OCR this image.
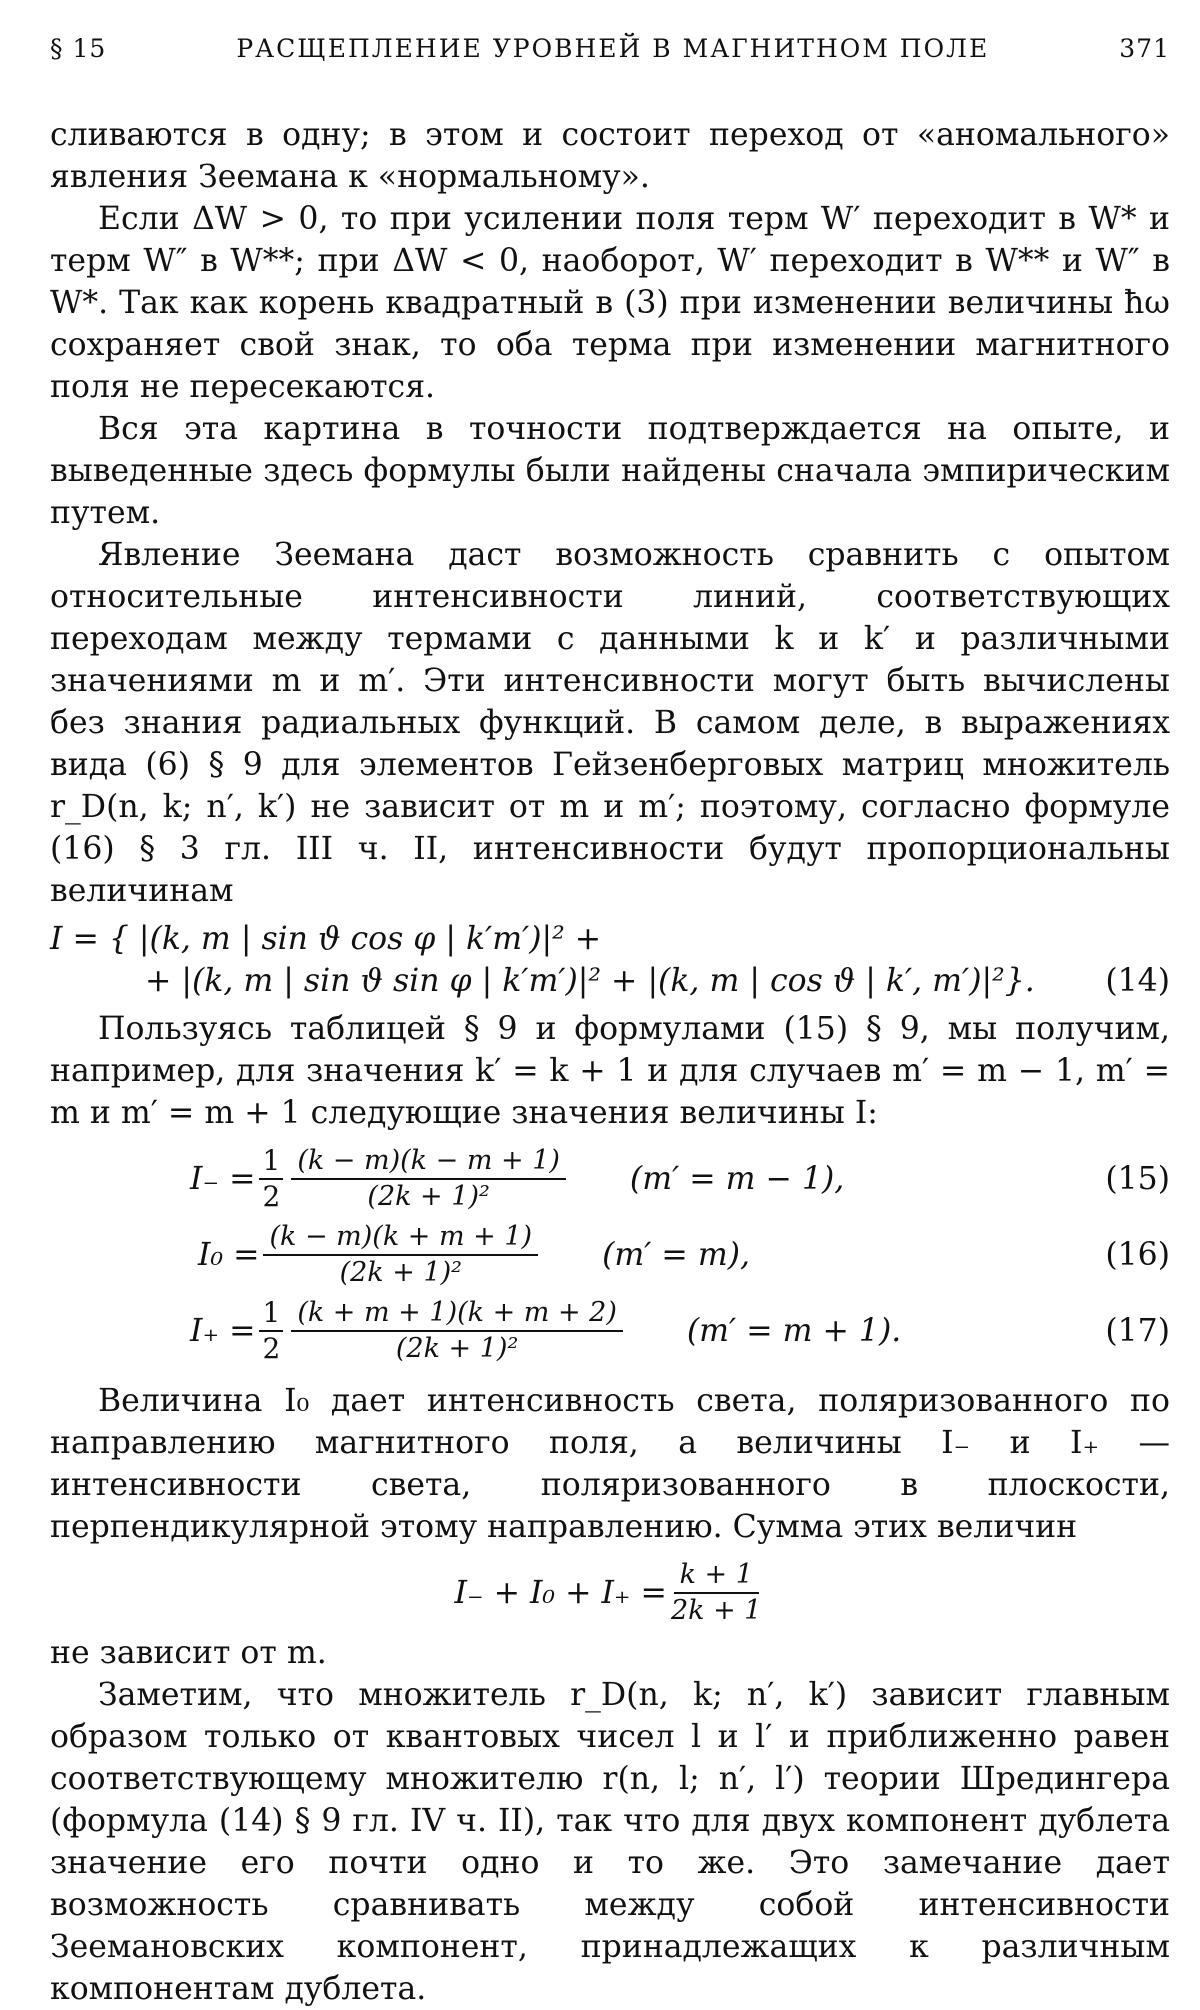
§ 15	РАСЩЕПЛЕНИЕ УРОВНЕЙ В МАГНИТНОМ ПОЛЕ	371

сливаются в одну; в этом и состоит переход от «аномального» явления Зеемана к «нормальному».

Если ΔW > 0, то при усилении поля терм W′ переходит в W* и терм W″ в W**; при ΔW < 0, наоборот, W′ переходит в W** и W″ в W*. Так как корень квадратный в (3) при изменении величины ħω сохраняет свой знак, то оба терма при изменении магнитного поля не пересекаются.

Вся эта картина в точности подтверждается на опыте, и выведенные здесь формулы были найдены сначала эмпирическим путем.

Явление Зеемана даст возможность сравнить с опытом относительные интенсивности линий, соответствующих переходам между термами с данными k и k′ и различными значениями m и m′. Эти интенсивности могут быть вычислены без знания радиальных функций. В самом деле, в выражениях вида (6) § 9 для элементов Гейзенберговых матриц множитель r_D(n, k; n′, k′) не зависит от m и m′; поэтому, согласно формуле (16) § 3 гл. III ч. II, интенсивности будут пропорциональны величинам

I = { |(k, m | sin ϑ cos φ | k′m′)|² +
+ |(k, m | sin ϑ sin φ | k′m′)|² + |(k, m | cos ϑ | k′, m′)|²}. (14)

Пользуясь таблицей § 9 и формулами (15) § 9, мы получим, например, для значения k′ = k + 1 и для случаев m′ = m − 1, m′ = m и m′ = m + 1 следующие значения величины I:

$I_- = \frac{1}{2} \frac{(k - m)(k - m + 1)}{\text{(2k + 1)²}} (m' = m - 1)$,	(15)
$I_0 = \frac{(k - m)(k + m + 1)}{\text{(2k + 1)²}} (m' = m)$,	(16)
$I_+ = \frac{1}{2} \frac{(k + m + 1)(k + m + 2)}{\text{(2k + 1)²}} (m' = m + 1)$.	(17)

Величина I₀ дает интенсивность света, поляризованного по направлению магнитного поля, а величины I₋ и I₊ — интенсивности света, поляризованного в плоскости, перпендикулярной этому направлению. Сумма этих величин

$I_- + I_0 + I_+ = \frac{k + 1}{2k + 1}$

не зависит от m.

Заметим, что множитель r_D(n, k; n′, k′) зависит главным образом только от квантовых чисел l и l′ и приближенно равен соответствующему множителю r(n, l; n′, l′) теории Шредингера (формула (14) § 9 гл. IV ч. II), так что для двух компонент дублета значение его почти одно и то же. Это замечание дает возможность сравнивать между собой интенсивности Зеемановских компонент, принадлежащих к различным компонентам дублета.
